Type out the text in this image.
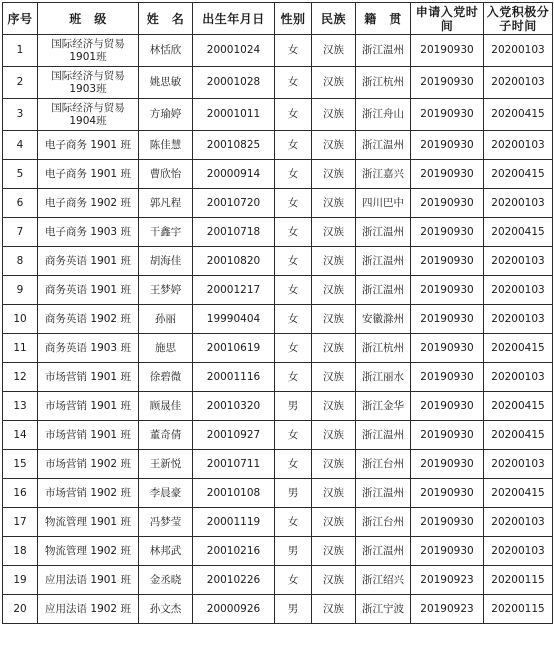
序号	班　级	姓　名	出生年月日	性别	民族	籍　贯	申请入党时间	入党积极分子时间
1	国际经济与贸易1901班	林恬欣	20001024	女	汉族	浙江温州	20190930	20200103
2	国际经济与贸易1903班	姚思敏	20001028	女	汉族	浙江杭州	20190930	20200103
3	国际经济与贸易1904班	方瑜婷	20001011	女	汉族	浙江舟山	20190930	20200415
4	电子商务 1901 班	陈佳慧	20010825	女	汉族	浙江温州	20190930	20200103
5	电子商务 1901 班	曹欣怡	20000914	女	汉族	浙江嘉兴	20190930	20200415
6	电子商务 1902 班	郭凡程	20010720	女	汉族	四川巴中	20190930	20200103
7	电子商务 1903 班	干鑫宇	20010718	女	汉族	浙江温州	20190930	20200415
8	商务英语 1901 班	胡海佳	20010820	女	汉族	浙江温州	20190930	20200103
9	商务英语 1901 班	王梦婷	20001217	女	汉族	浙江温州	20190930	20200103
10	商务英语 1902 班	孙丽	19990404	女	汉族	安徽滁州	20190930	20200103
11	商务英语 1903 班	施思	20010619	女	汉族	浙江杭州	20190930	20200415
12	市场营销 1901 班	徐碧微	20001116	女	汉族	浙江丽水	20190930	20200103
13	市场营销 1901 班	顾晟佳	20010320	男	汉族	浙江金华	20190930	20200415
14	市场营销 1901 班	董奇倩	20010927	女	汉族	浙江温州	20190930	20200415
15	市场营销 1902 班	王新悦	20010711	女	汉族	浙江台州	20190930	20200103
16	市场营销 1902 班	李晨豪	20010108	男	汉族	浙江温州	20190930	20200415
17	物流管理 1901 班	冯梦莹	20001119	女	汉族	浙江台州	20190930	20200103
18	物流管理 1902 班	林邦武	20010216	男	汉族	浙江温州	20190930	20200103
19	应用法语 1901 班	金丞晓	20010226	女	汉族	浙江绍兴	20190923	20200115
20	应用法语 1902 班	孙文杰	20000926	男	汉族	浙江宁波	20190923	20200115
